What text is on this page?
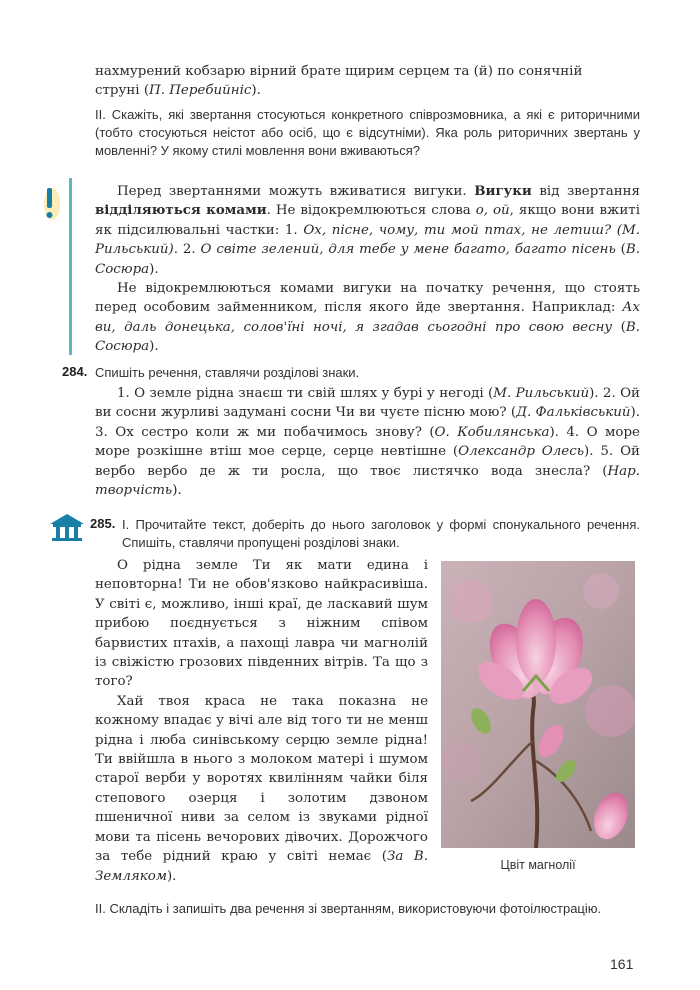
нахмурений кобзарю вірний брате щирим серцем та (й) по сонячній

струні (П. Перебийніс).

II. Скажіть, які звертання стосуються конкретного співрозмовника, а які є риторичними (тобто стосуються неістот або осіб, що є відсутніми). Яка роль риторичних звертань у мовленні? У якому стилі мовлення вони вживаються?

Перед звертаннями можуть вживатися вигуки. Вигуки від звертання відділяються комами. Не відокремлюються слова о, ой, якщо вони вжиті як підсилювальні частки: 1. Ох, пісне, чому, ти мой птах, не летиш? (М. Рильський). 2. О світе зелений, для тебе у мене багато, багато пісень (В. Сосюра).

Не відокремлюються комами вигуки на початку речення, що стоять перед особовим займенником, після якого йде звертання. Наприклад: Ах ви, даль донецька, солов'їні ночі, я згадав сьогодні про свою весну (В. Сосюра).

284. Спишіть речення, ставлячи розділові знаки.

1. О земле рідна знаєш ти свій шлях у бурі у негоді (М. Рильський). 2. Ой ви сосни журливі задумані сосни Чи ви чуєте пісню мою? (Д. Фальківський). 3. Ох сестро коли ж ми побачимось знову? (О. Кобилянська). 4. О море море розкішне втіш мое серце, серце невтішне (Олександр Олесь). 5. Ой вербо вербо де ж ти росла, що твоє листячко вода знесла? (Нар. творчість).

285. I. Прочитайте текст, доберіть до нього заголовок у формі спонукального речення. Спишіть, ставлячи пропущені розділові знаки.

О рідна земле Ти як мати едина і неповторна! Ти не обов'язково найкрасивіша. У світі є, можливо, інші краї, де ласкавий шум прибою поєднується з ніжним співом барвистих птахів, а пахощі лавра чи магнолій із свіжістю грозових південних вітрів. Та що з того?

Хай твоя краса не така показна не кожному впадає у вічі але від того ти не менш рідна і люба синівському серцю земле рідна! Ти ввійшла в нього з молоком матері і шумом старої верби у воротях квилінням чайки біля степового озерця і золотим дзвоном пшеничної ниви за селом із звуками рідної мови та пісень вечорових дівочих. Дорожчого за тебе рідний краю у світі немає (За В. Земляком).

Цвіт магнолії
II. Складіть і запишіть два речення зі звертанням, використовуючи фотоілюстрацію.
161
